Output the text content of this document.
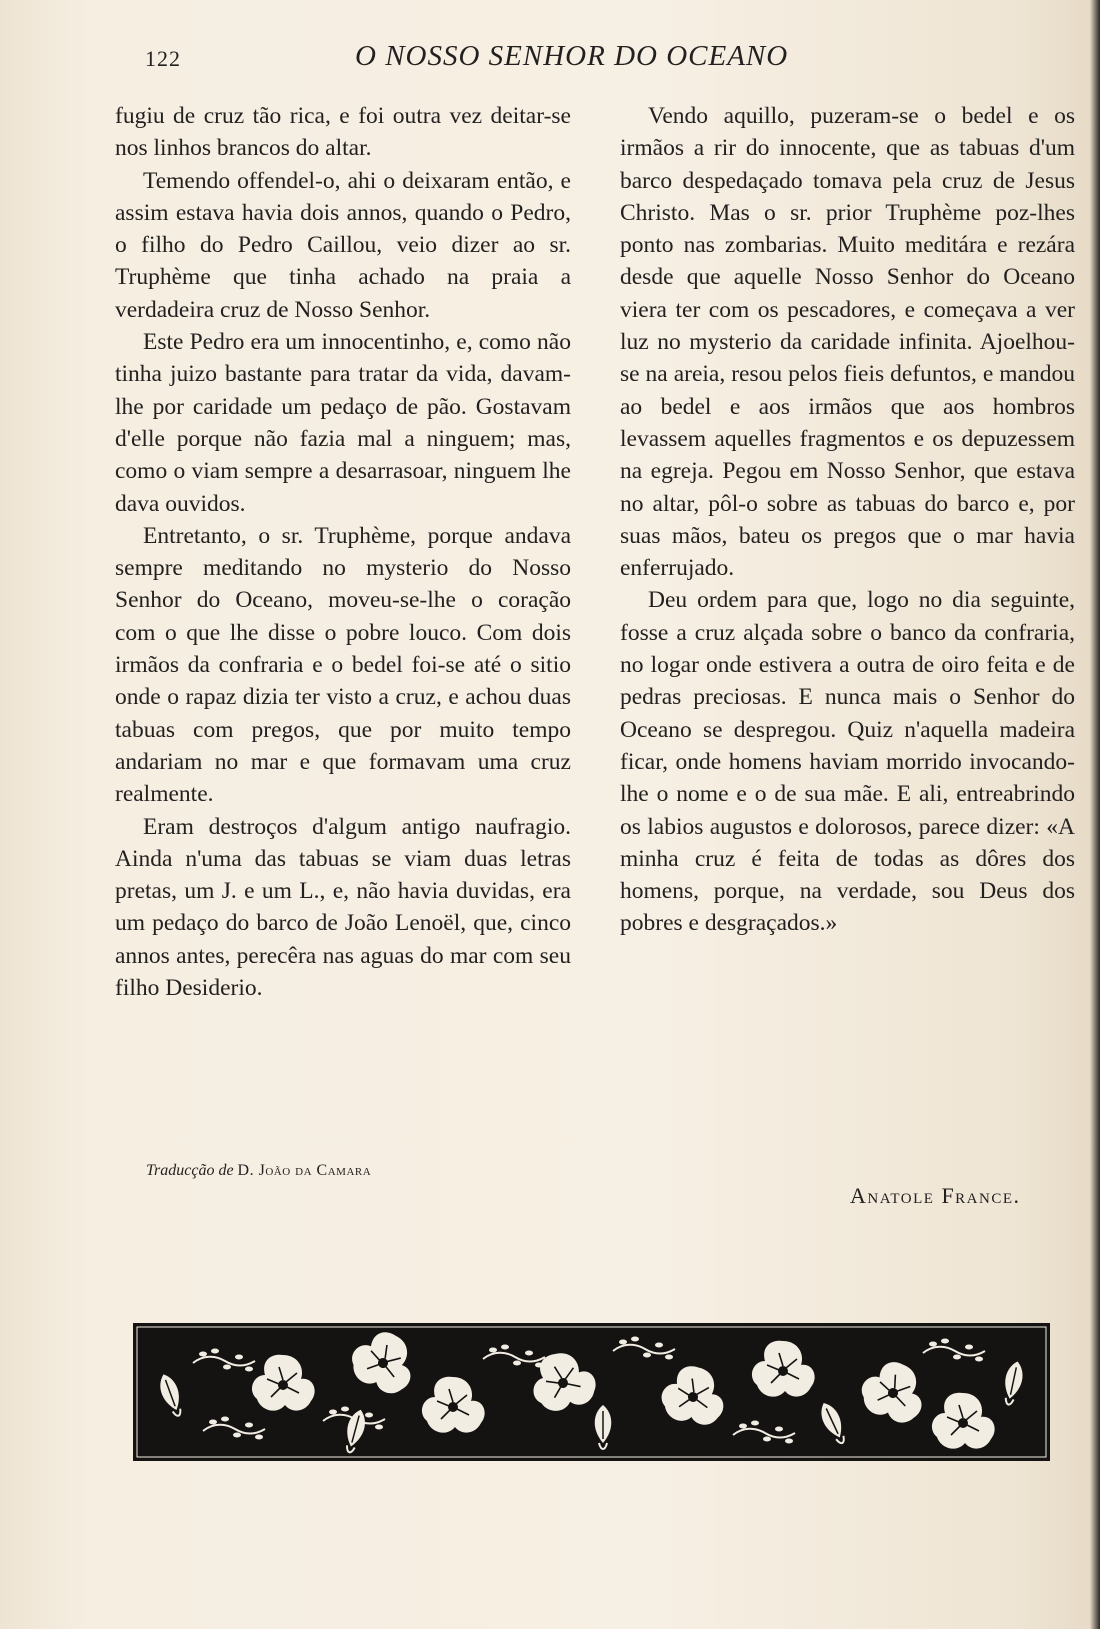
122	O NOSSO SENHOR DO OCEANO

fugiu de cruz tão rica, e foi outra vez deitar-se nos linhos brancos do altar.

Temendo offendel-o, ahi o deixaram então, e assim estava havia dois annos, quando o Pedro, o filho do Pedro Caillou, veio dizer ao sr. Truphème que tinha achado na praia a verdadeira cruz de Nosso Senhor.

Este Pedro era um innocentinho, e, como não tinha juizo bastante para tratar da vida, davam-lhe por caridade um pedaço de pão. Gostavam d'elle porque não fazia mal a ninguem; mas, como o viam sempre a desarrasoar, ninguem lhe dava ouvidos.

Entretanto, o sr. Truphème, porque andava sempre meditando no mysterio do Nosso Senhor do Oceano, moveu-se-lhe o coração com o que lhe disse o pobre louco. Com dois irmãos da confraria e o bedel foi-se até o sitio onde o rapaz dizia ter visto a cruz, e achou duas tabuas com pregos, que por muito tempo andariam no mar e que formavam uma cruz realmente.

Eram destroços d'algum antigo naufragio. Ainda n'uma das tabuas se viam duas letras pretas, um J. e um L., e, não havia duvidas, era um pedaço do barco de João Lenoël, que, cinco annos antes, perecêra nas aguas do mar com seu filho Desiderio.

Vendo aquillo, puzeram-se o bedel e os irmãos a rir do innocente, que as tabuas d'um barco despedaçado tomava pela cruz de Jesus Christo. Mas o sr. prior Truphème poz-lhes ponto nas zombarias. Muito meditára e rezára desde que aquelle Nosso Senhor do Oceano viera ter com os pescadores, e começava a ver luz no mysterio da caridade infinita. Ajoelhou-se na areia, resou pelos fieis defuntos, e mandou ao bedel e aos irmãos que aos hombros levassem aquelles fragmentos e os depuzessem na egreja. Pegou em Nosso Senhor, que estava no altar, pôl-o sobre as tabuas do barco e, por suas mãos, bateu os pregos que o mar havia enferrujado.

Deu ordem para que, logo no dia seguinte, fosse a cruz alçada sobre o banco da confraria, no logar onde estivera a outra de oiro feita e de pedras preciosas. E nunca mais o Senhor do Oceano se despregou. Quiz n'aquella madeira ficar, onde homens haviam morrido invocando-lhe o nome e o de sua mãe. E ali, entreabrindo os labios augustos e dolorosos, parece dizer: «A minha cruz é feita de todas as dôres dos homens, porque, na verdade, sou Deus dos pobres e desgraçados.»

Traducção de D. João da Camara
Anatole France.
